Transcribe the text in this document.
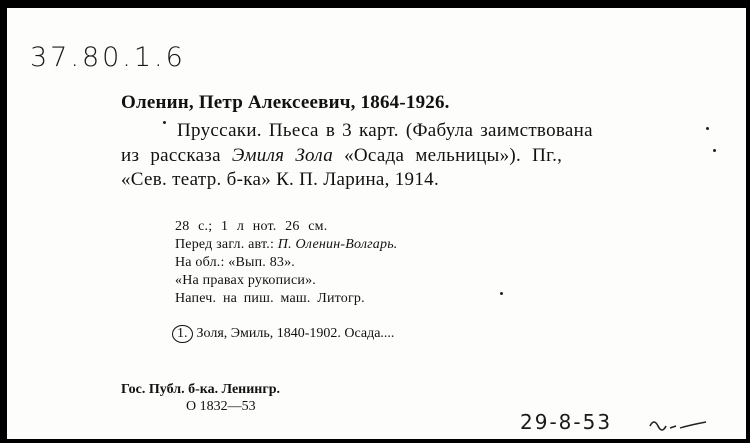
37.80.1.6
Оленин, Петр Алексеевич, 1864-1926.
Пруссаки. Пьеса в 3 карт. (Фабула заимствована
из рассказа Эмиля Зола «Осада мельницы»). Пг.,
«Сев. театр. б-ка» К. П. Ларина, 1914.
28 с.; 1 л нот. 26 см.
Перед загл. авт.: П. Оленин-Волгарь.
На обл.: «Вып. 83».
«На правах рукописи».
Напеч. на пиш. маш. Литогр.
1. Золя, Эмиль, 1840-1902. Осада....
Гос. Публ. б-ка. Ленингр.
О 1832—53
29-8-53
